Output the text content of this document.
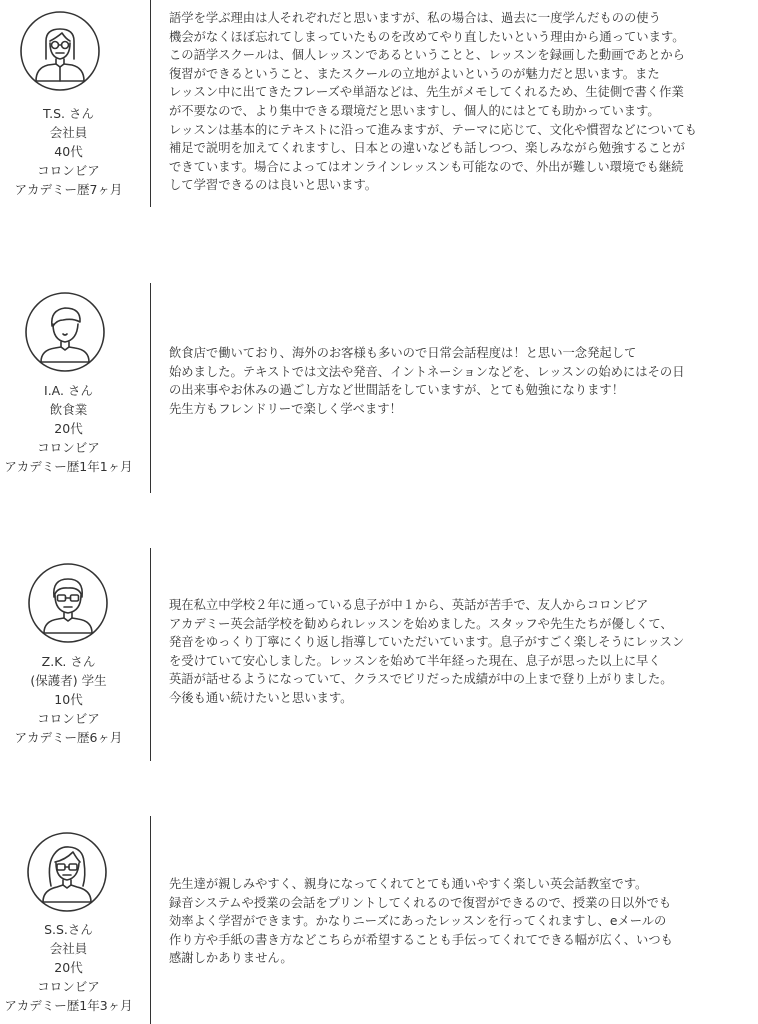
T.S. さん
会社員
40代
コロンビア
アカデミー歴7ヶ月
語学を学ぶ理由は人それぞれだと思いますが、私の場合は、過去に一度学んだものの使う
機会がなくほぼ忘れてしまっていたものを改めてやり直したいという理由から通っています。
この語学スクールは、個人レッスンであるということと、レッスンを録画した動画であとから
復習ができるということ、またスクールの立地がよいというのが魅力だと思います。また
レッスン中に出てきたフレーズや単語などは、先生がメモしてくれるため、生徒側で書く作業
が不要なので、より集中できる環境だと思いますし、個人的にはとても助かっています。
レッスンは基本的にテキストに沿って進みますが、テーマに応じて、文化や慣習などについても
補足で説明を加えてくれますし、日本との違いなども話しつつ、楽しみながら勉強することが
できています。場合によってはオンラインレッスンも可能なので、外出が難しい環境でも継続
して学習できるのは良いと思います。
I.A. さん
飲食業
20代
コロンビア
アカデミー歴1年1ヶ月
飲食店で働いており、海外のお客様も多いので日常会話程度は！と思い一念発起して
始めました。テキストでは文法や発音、イントネーションなどを、レッスンの始めにはその日
の出来事やお休みの過ごし方など世間話をしていますが、とても勉強になります！
先生方もフレンドリーで楽しく学べます！
Z.K. さん
(保護者) 学生
10代
コロンビア
アカデミー歴6ヶ月
現在私立中学校２年に通っている息子が中１から、英話が苦手で、友人からコロンビア
アカデミー英会話学校を勧められレッスンを始めました。スタッフや先生たちが優しくて、
発音をゆっくり丁寧にくり返し指導していただいています。息子がすごく楽しそうにレッスン
を受けていて安心しました。レッスンを始めて半年経った現在、息子が思った以上に早く
英語が話せるようになっていて、クラスでビリだった成績が中の上まで登り上がりました。
今後も通い続けたいと思います。
S.S.さん
会社員
20代
コロンビア
アカデミー歴1年3ヶ月
先生達が親しみやすく、親身になってくれてとても通いやすく楽しい英会話教室です。
録音システムや授業の会話をプリントしてくれるので復習ができるので、授業の日以外でも
効率よく学習ができます。かなりニーズにあったレッスンを行ってくれますし、eメールの
作り方や手紙の書き方などこちらが希望することも手伝ってくれてできる幅が広く、いつも
感謝しかありません。
